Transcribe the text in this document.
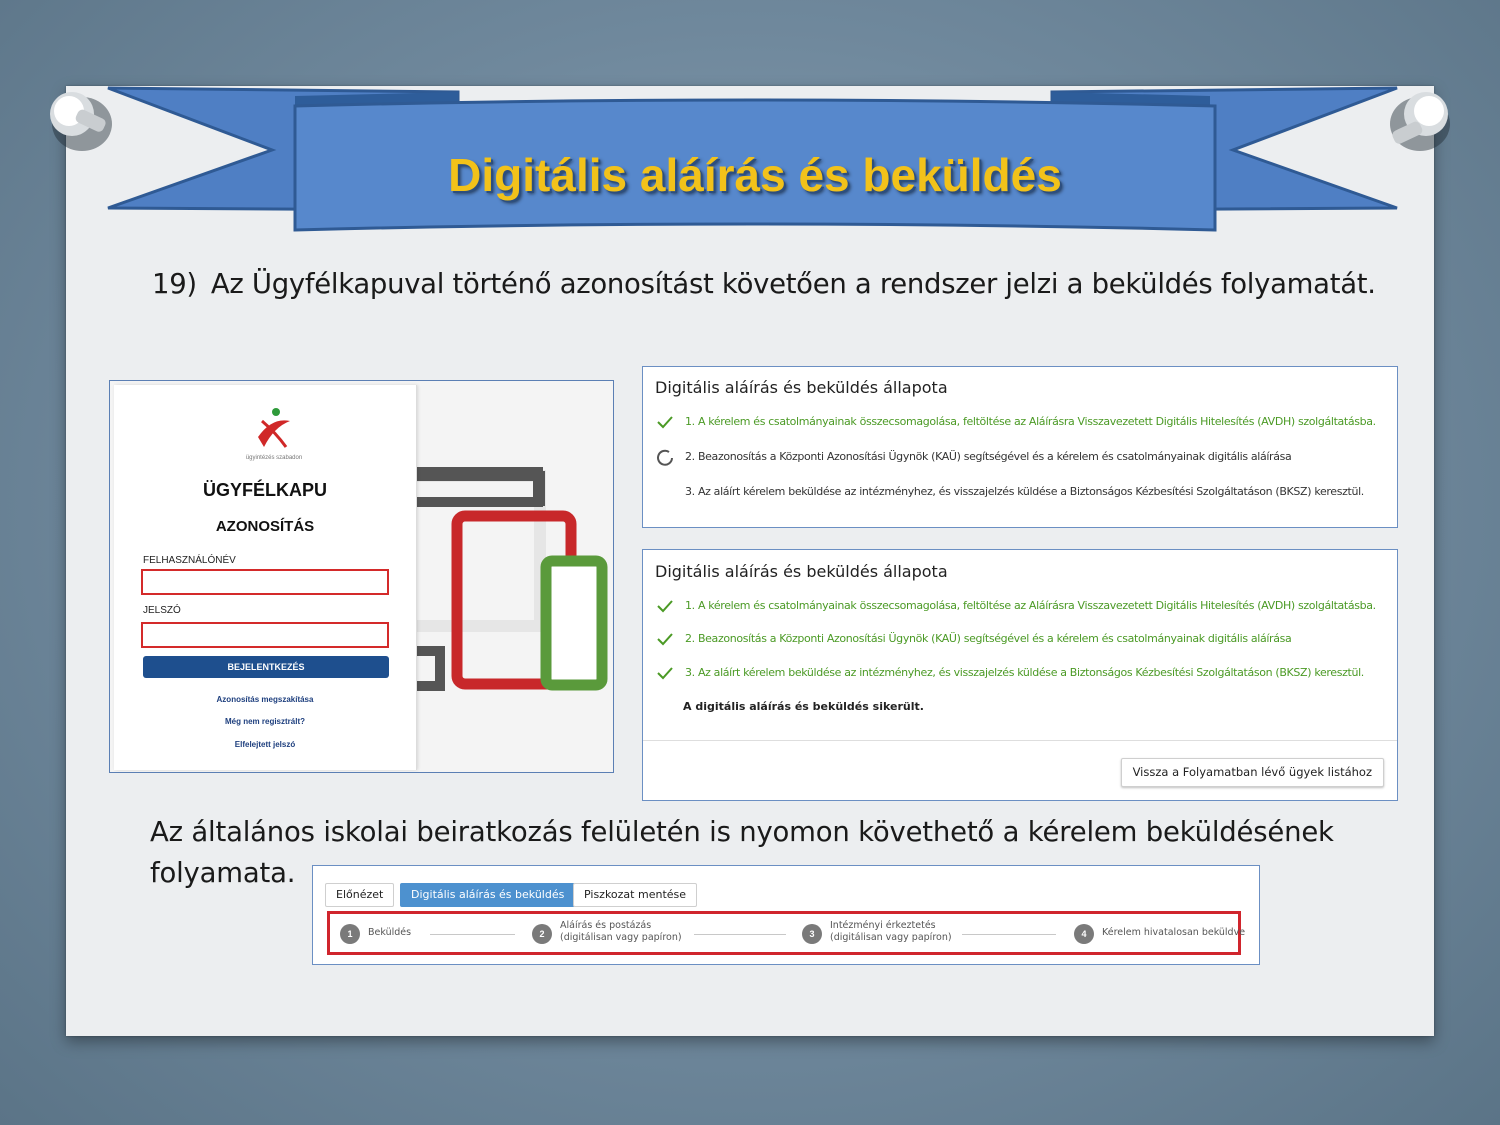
Digitális aláírás és beküldés
19) Az Ügyfélkapuval történő azonosítást követően a rendszer jelzi a beküldés folyamatát.
ügyintézés szabadon
ÜGYFÉLKAPU
AZONOSÍTÁS
FELHASZNÁLÓNÉV
JELSZÓ
BEJELENTKEZÉS
Azonosítás megszakítása
Még nem regisztrált?
Elfelejtett jelszó
Digitális aláírás és beküldés állapota
1. A kérelem és csatolmányainak összecsomagolása, feltöltése az Aláírásra Visszavezetett Digitális Hitelesítés (AVDH) szolgáltatásba.
2. Beazonosítás a Központi Azonosítási Ügynök (KAÜ) segítségével és a kérelem és csatolmányainak digitális aláírása
3. Az aláírt kérelem beküldése az intézményhez, és visszajelzés küldése a Biztonságos Kézbesítési Szolgáltatáson (BKSZ) keresztül.
Digitális aláírás és beküldés állapota
1. A kérelem és csatolmányainak összecsomagolása, feltöltése az Aláírásra Visszavezetett Digitális Hitelesítés (AVDH) szolgáltatásba.
2. Beazonosítás a Központi Azonosítási Ügynök (KAÜ) segítségével és a kérelem és csatolmányainak digitális aláírása
3. Az aláírt kérelem beküldése az intézményhez, és visszajelzés küldése a Biztonságos Kézbesítési Szolgáltatáson (BKSZ) keresztül.
A digitális aláírás és beküldés sikerült.
Vissza a Folyamatban lévő ügyek listához
Az általános iskolai beiratkozás felületén is nyomon követhető a kérelem beküldésének folyamata.
Előnézet	Digitális aláírás és beküldés	Piszkozat mentése
1	Beküldés	2
Aláírás és postázás
(digitálisan vagy papíron)	3
Intézményi érkeztetés
(digitálisan vagy papíron)	4	Kérelem hivatalosan beküldve
